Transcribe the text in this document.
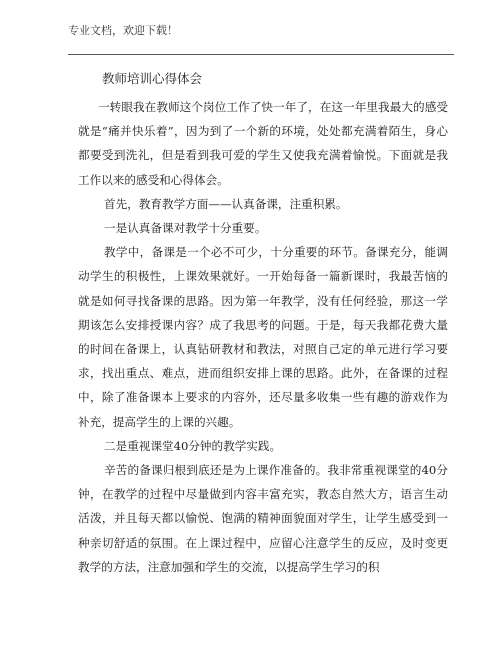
专业文档，欢迎下载！
教师培训心得体会

一转眼我在教师这个岗位工作了快一年了，在这一年里我最大的感受就是“痛并快乐着”，因为到了一个新的环境，处处都充满着陌生，身心都要受到洗礼，但是看到我可爱的学生又使我充满着愉悦。下面就是我工作以来的感受和心得体会。

首先，教育教学方面——认真备课，注重积累。

一是认真备课对教学十分重要。

教学中，备课是一个必不可少，十分重要的环节。备课充分，能调动学生的积极性，上课效果就好。一开始每备一篇新课时，我最苦恼的就是如何寻找备课的思路。因为第一年教学，没有任何经验，那这一学期该怎么安排授课内容？成了我思考的问题。于是，每天我都花费大量的时间在备课上，认真钻研教材和教法，对照自己定的单元进行学习要求，找出重点、难点，进而组织安排上课的思路。此外，在备课的过程中，除了准备课本上要求的内容外，还尽量多收集一些有趣的游戏作为补充，提高学生的上课的兴趣。

二是重视课堂40分钟的教学实践。

辛苦的备课归根到底还是为上课作准备的。我非常重视课堂的40分钟，在教学的过程中尽量做到内容丰富充实，教态自然大方，语言生动活泼，并且每天都以愉悦、饱满的精神面貌面对学生，让学生感受到一种亲切舒适的氛围。在上课过程中，应留心注意学生的反应，及时变更教学的方法，注意加强和学生的交流，以提高学生学习的积
